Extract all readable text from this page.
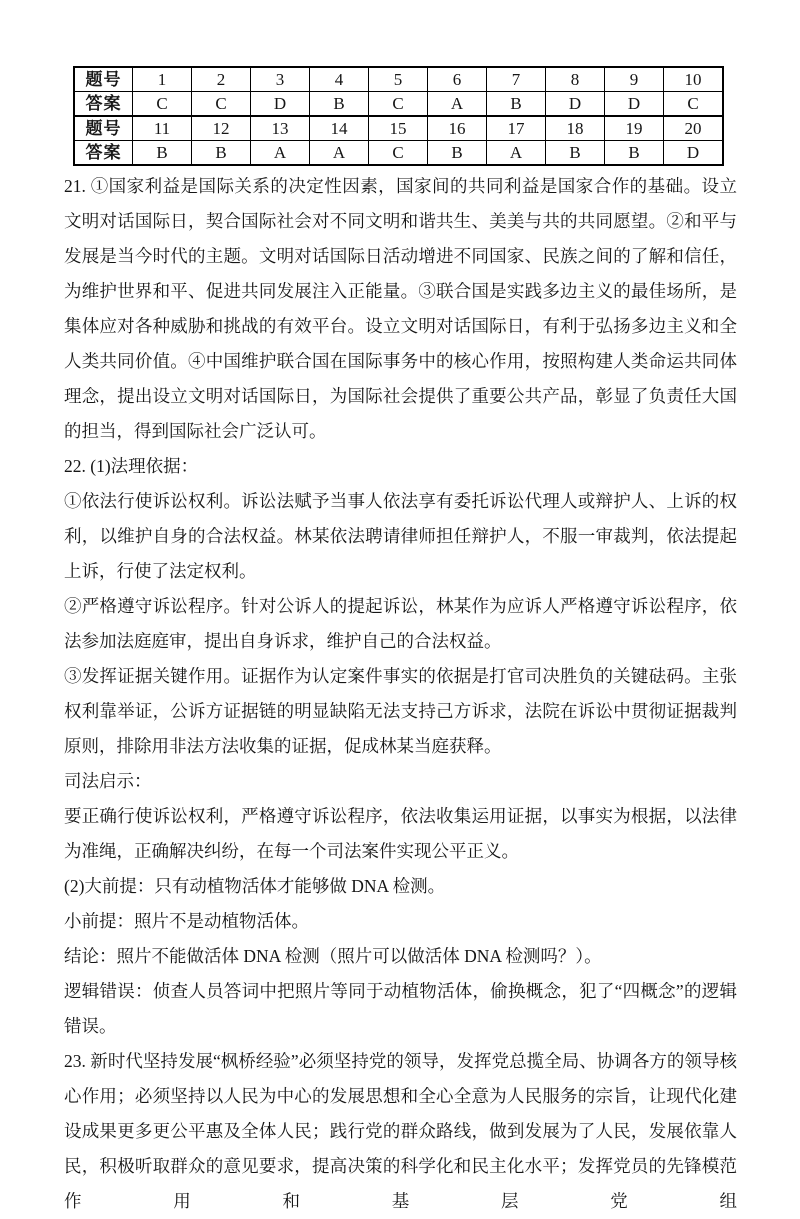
题号	1	2	3	4	5	6	7	8	9	10
答案	C	C	D	B	C	A	B	D	D	C
题号	11	12	13	14	15	16	17	18	19	20
答案	B	B	A	A	C	B	A	B	B	D

21. ①国家利益是国际关系的决定性因素，国家间的共同利益是国家合作的基础。设立文明对话国际日，契合国际社会对不同文明和谐共生、美美与共的共同愿望。②和平与发展是当今时代的主题。文明对话国际日活动增进不同国家、民族之间的了解和信任，为维护世界和平、促进共同发展注入正能量。③联合国是实践多边主义的最佳场所，是集体应对各种威胁和挑战的有效平台。设立文明对话国际日，有利于弘扬多边主义和全人类共同价值。④中国维护联合国在国际事务中的核心作用，按照构建人类命运共同体理念，提出设立文明对话国际日，为国际社会提供了重要公共产品，彰显了负责任大国的担当，得到国际社会广泛认可。

22. (1)法理依据：

①依法行使诉讼权利。诉讼法赋予当事人依法享有委托诉讼代理人或辩护人、上诉的权利，以维护自身的合法权益。林某依法聘请律师担任辩护人，不服一审裁判，依法提起上诉，行使了法定权利。

②严格遵守诉讼程序。针对公诉人的提起诉讼，林某作为应诉人严格遵守诉讼程序，依法参加法庭庭审，提出自身诉求，维护自己的合法权益。

③发挥证据关键作用。证据作为认定案件事实的依据是打官司决胜负的关键砝码。主张权利靠举证，公诉方证据链的明显缺陷无法支持己方诉求，法院在诉讼中贯彻证据裁判原则，排除用非法方法收集的证据，促成林某当庭获释。

司法启示：

要正确行使诉讼权利，严格遵守诉讼程序，依法收集运用证据，以事实为根据，以法律为准绳，正确解决纠纷，在每一个司法案件实现公平正义。

(2)大前提：只有动植物活体才能够做 DNA 检测。

小前提：照片不是动植物活体。

结论：照片不能做活体 DNA 检测（照片可以做活体 DNA 检测吗？）。

逻辑错误：侦查人员答词中把照片等同于动植物活体，偷换概念，犯了“四概念”的逻辑错误。

23. 新时代坚持发展“枫桥经验”必须坚持党的领导，发挥党总揽全局、协调各方的领导核心作用；必须坚持以人民为中心的发展思想和全心全意为人民服务的宗旨，让现代化建设成果更多更公平惠及全体人民；践行党的群众路线，做到发展为了人民，发展依靠人民，积极听取群众的意见要求，提高决策的科学化和民主化水平；发挥党员的先锋模范作用和基层党组
